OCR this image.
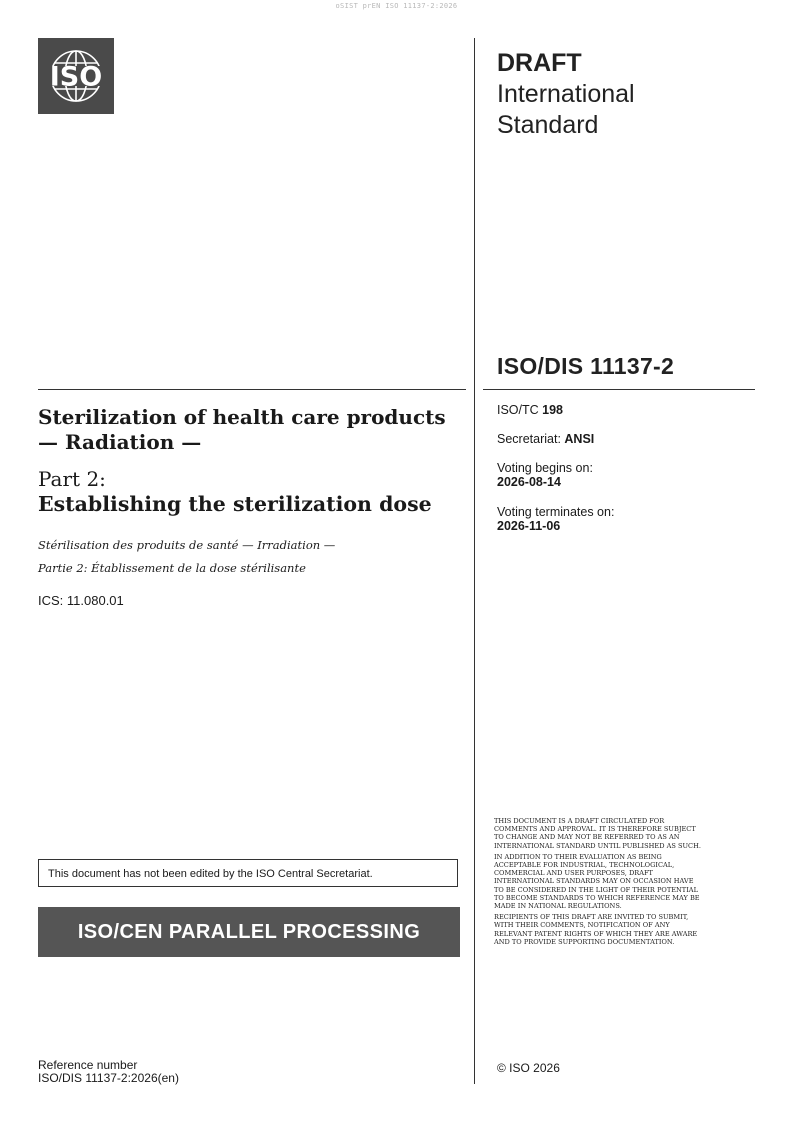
oSIST prEN ISO 11137-2:2026
ISO	DRAFT
International
Standard
ISO/DIS 11137-2
Sterilization of health care products — Radiation —
Part 2:
Establishing the sterilization dose
Stérilisation des produits de santé — Irradiation —
Partie 2: Établissement de la dose stérilisante
ICS: 11.080.01
ISO/TC 198
Secretariat: ANSI
Voting begins on:
2026-08-14
Voting terminates on:
2026-11-06
This document has not been edited by the ISO Central Secretariat.
ISO/CEN PARALLEL PROCESSING

THIS DOCUMENT IS A DRAFT CIRCULATED FOR COMMENTS AND APPROVAL. IT IS THEREFORE SUBJECT TO CHANGE AND MAY NOT BE REFERRED TO AS AN INTERNATIONAL STANDARD UNTIL PUBLISHED AS SUCH.

IN ADDITION TO THEIR EVALUATION AS BEING ACCEPTABLE FOR INDUSTRIAL, TECHNOLOGICAL, COMMERCIAL AND USER PURPOSES, DRAFT INTERNATIONAL STANDARDS MAY ON OCCASION HAVE TO BE CONSIDERED IN THE LIGHT OF THEIR POTENTIAL TO BECOME STANDARDS TO WHICH REFERENCE MAY BE MADE IN NATIONAL REGULATIONS.

RECIPIENTS OF THIS DRAFT ARE INVITED TO SUBMIT, WITH THEIR COMMENTS, NOTIFICATION OF ANY RELEVANT PATENT RIGHTS OF WHICH THEY ARE AWARE AND TO PROVIDE SUPPORTING DOCUMENTATION.

© ISO 2026
Reference number
ISO/DIS 11137-2:2026(en)
